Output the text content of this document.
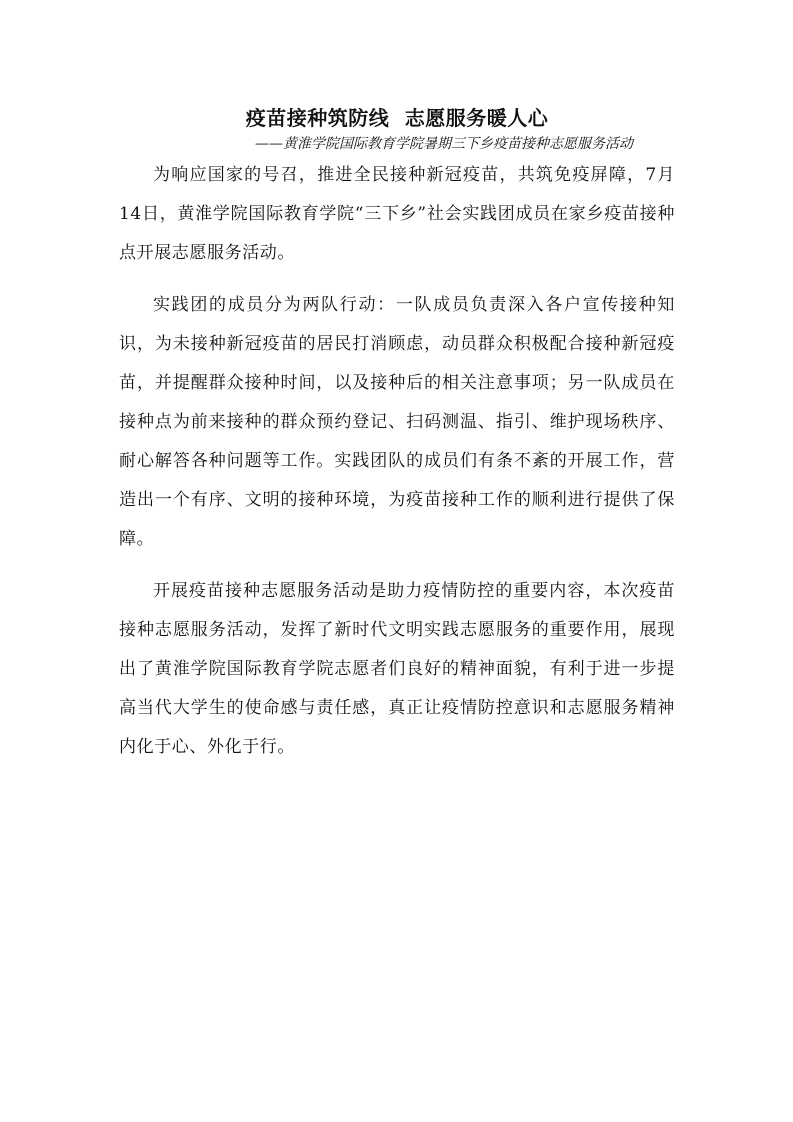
疫苗接种筑防线 志愿服务暖人心
——黄淮学院国际教育学院暑期三下乡疫苗接种志愿服务活动

为响应国家的号召，推进全民接种新冠疫苗，共筑免疫屏障，7月14日，黄淮学院国际教育学院“三下乡”社会实践团成员在家乡疫苗接种点开展志愿服务活动。

实践团的成员分为两队行动：一队成员负责深入各户宣传接种知识，为未接种新冠疫苗的居民打消顾虑，动员群众积极配合接种新冠疫苗，并提醒群众接种时间，以及接种后的相关注意事项；另一队成员在接种点为前来接种的群众预约登记、扫码测温、指引、维护现场秩序、耐心解答各种问题等工作。实践团队的成员们有条不紊的开展工作，营造出一个有序、文明的接种环境，为疫苗接种工作的顺利进行提供了保障。

开展疫苗接种志愿服务活动是助力疫情防控的重要内容，本次疫苗接种志愿服务活动，发挥了新时代文明实践志愿服务的重要作用，展现出了黄淮学院国际教育学院志愿者们良好的精神面貌，有利于进一步提高当代大学生的使命感与责任感，真正让疫情防控意识和志愿服务精神内化于心、外化于行。
